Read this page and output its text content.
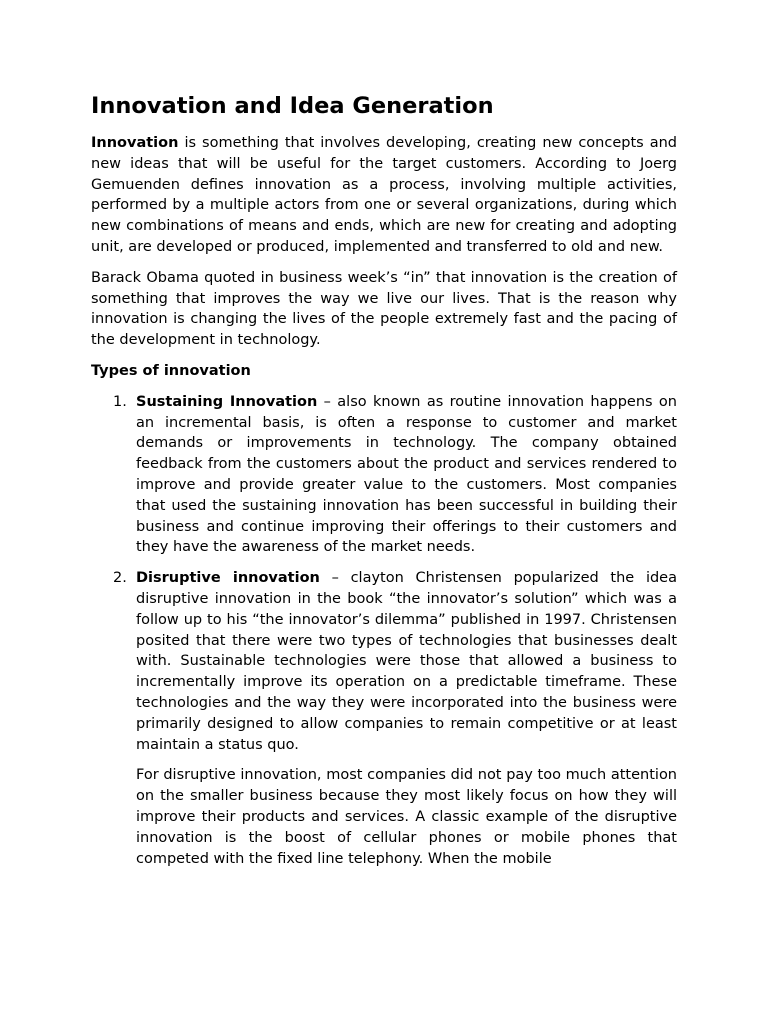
Innovation and Idea Generation

Innovation is something that involves developing, creating new concepts and new ideas that will be useful for the target customers. According to Joerg Gemuenden defines innovation as a process, involving multiple activities, performed by a multiple actors from one or several organizations, during which new combinations of means and ends, which are new for creating and adopting unit, are developed or produced, implemented and transferred to old and new.

Barack Obama quoted in business week’s “in” that innovation is the creation of something that improves the way we live our lives. That is the reason why innovation is changing the lives of the people extremely fast and the pacing of the development in technology.

Types of innovation
1. Sustaining Innovation – also known as routine innovation happens on an incremental basis, is often a response to customer and market demands or improvements in technology. The company obtained feedback from the customers about the product and services rendered to improve and provide greater value to the customers. Most companies that used the sustaining innovation has been successful in building their business and continue improving their offerings to their customers and they have the awareness of the market needs.

2. Disruptive innovation – clayton Christensen popularized the idea disruptive innovation in the book “the innovator’s solution” which was a follow up to his “the innovator’s dilemma” published in 1997. Christensen posited that there were two types of technologies that businesses dealt with. Sustainable technologies were those that allowed a business to incrementally improve its operation on a predictable timeframe. These technologies and the way they were incorporated into the business were primarily designed to allow companies to remain competitive or at least maintain a status quo.

For disruptive innovation, most companies did not pay too much attention on the smaller business because they most likely focus on how they will improve their products and services. A classic example of the disruptive innovation is the boost of cellular phones or mobile phones that competed with the fixed line telephony. When the mobile
